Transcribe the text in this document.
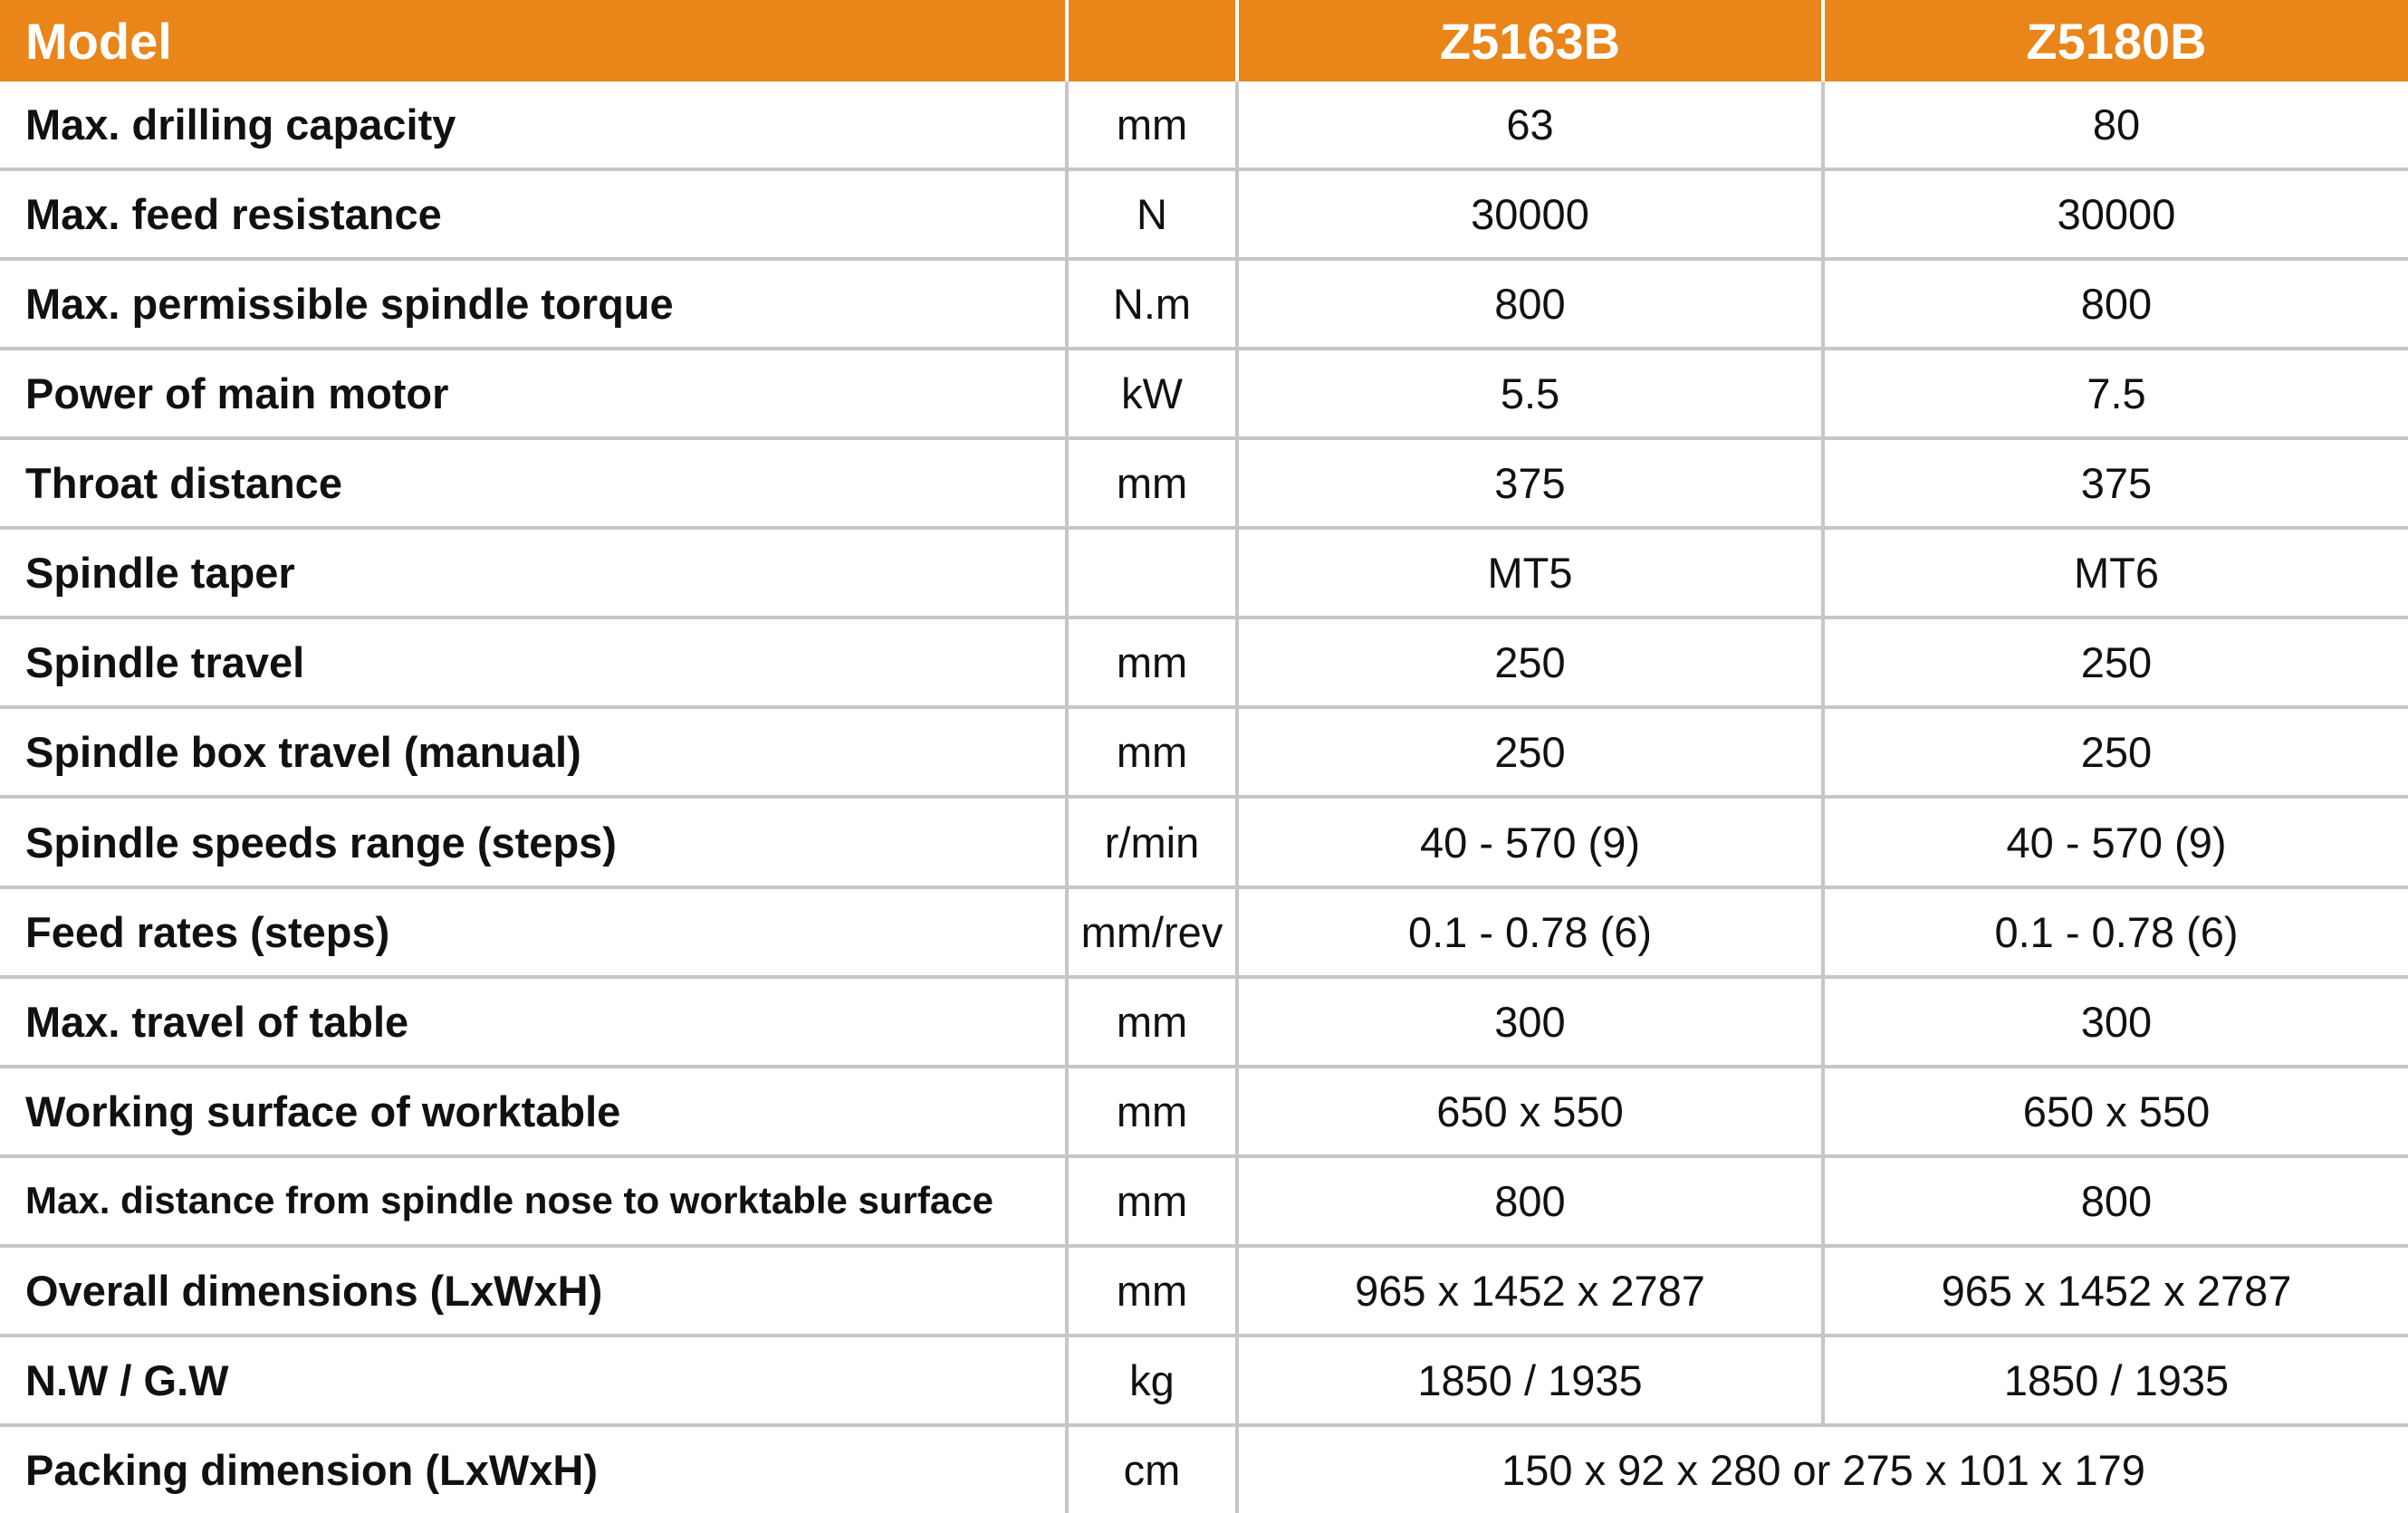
Model		Z5163B	Z5180B
Max. drilling capacity	mm	63	80
Max. feed resistance	N	30000	30000
Max. permissible spindle torque	N.m	800	800
Power of main motor	kW	5.5	7.5
Throat distance	mm	375	375
Spindle taper		MT5	MT6
Spindle travel	mm	250	250
Spindle box travel (manual)	mm	250	250
Spindle speeds range (steps)	r/min	40 - 570 (9)	40 - 570 (9)
Feed rates (steps)	mm/rev	0.1 - 0.78 (6)	0.1 - 0.78 (6)
Max. travel of table	mm	300	300
Working surface of worktable	mm	650 x 550	650 x 550
Max. distance from spindle nose to worktable surface	mm	800	800
Overall dimensions (LxWxH)	mm	965 x 1452 x 2787	965 x 1452 x 2787
N.W / G.W	kg	1850 / 1935	1850 / 1935
Packing dimension (LxWxH)	cm	150 x 92 x 280 or 275 x 101 x 179	
